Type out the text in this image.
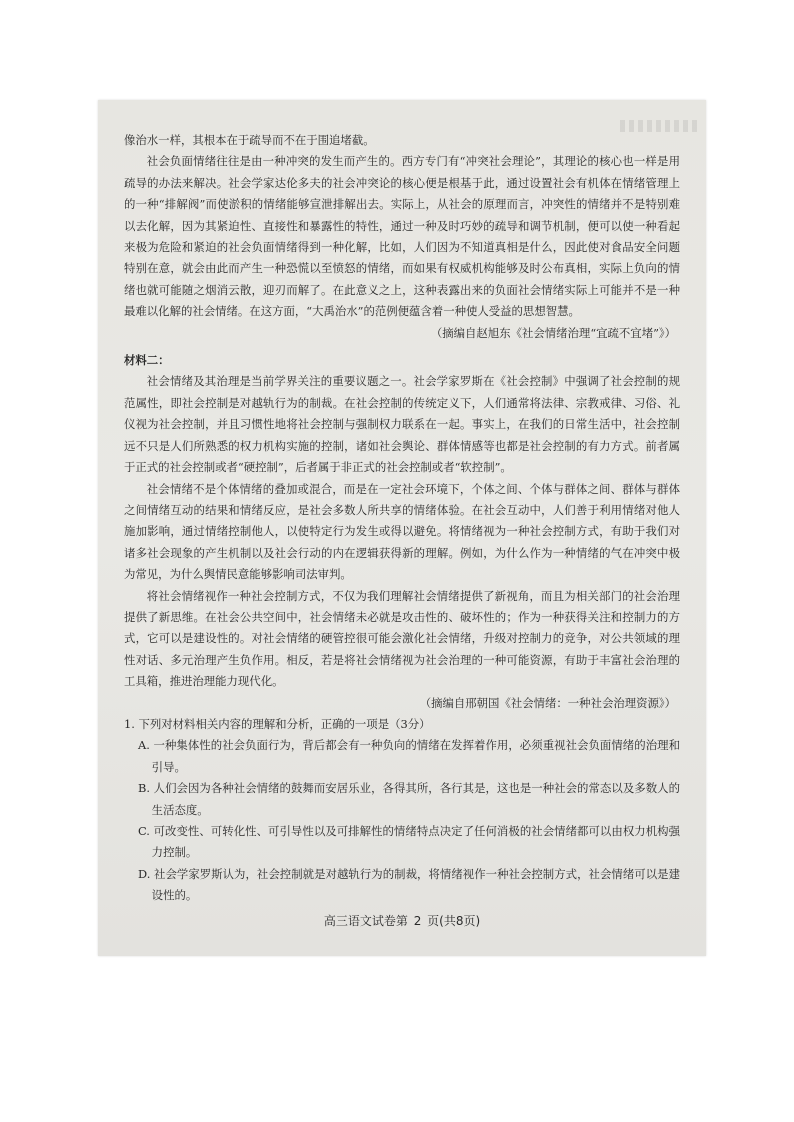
像治水一样，其根本在于疏导而不在于围追堵截。

社会负面情绪往往是由一种冲突的发生而产生的。西方专门有“冲突社会理论”，其理论的核心也一样是用疏导的办法来解决。社会学家达伦多夫的社会冲突论的核心便是根基于此，通过设置社会有机体在情绪管理上的一种“排解阀”而使淤积的情绪能够宣泄排解出去。实际上，从社会的原理而言，冲突性的情绪并不是特别难以去化解，因为其紧迫性、直接性和暴露性的特性，通过一种及时巧妙的疏导和调节机制，便可以使一种看起来极为危险和紧迫的社会负面情绪得到一种化解，比如，人们因为不知道真相是什么，因此使对食品安全问题特别在意，就会由此而产生一种恐慌以至愤怒的情绪，而如果有权威机构能够及时公布真相，实际上负向的情绪也就可能随之烟消云散，迎刃而解了。在此意义之上，这种表露出来的负面社会情绪实际上可能并不是一种最难以化解的社会情绪。在这方面，“大禹治水”的范例便蕴含着一种使人受益的思想智慧。

（摘编自赵旭东《社会情绪治理“宜疏不宜堵”》）

材料二：

社会情绪及其治理是当前学界关注的重要议题之一。社会学家罗斯在《社会控制》中强调了社会控制的规范属性，即社会控制是对越轨行为的制裁。在社会控制的传统定义下，人们通常将法律、宗教戒律、习俗、礼仪视为社会控制，并且习惯性地将社会控制与强制权力联系在一起。事实上，在我们的日常生活中，社会控制远不只是人们所熟悉的权力机构实施的控制，诸如社会舆论、群体情感等也都是社会控制的有力方式。前者属于正式的社会控制或者“硬控制”，后者属于非正式的社会控制或者“软控制”。

社会情绪不是个体情绪的叠加或混合，而是在一定社会环境下，个体之间、个体与群体之间、群体与群体之间情绪互动的结果和情绪反应，是社会多数人所共享的情绪体验。在社会互动中，人们善于利用情绪对他人施加影响，通过情绪控制他人，以使特定行为发生或得以避免。将情绪视为一种社会控制方式，有助于我们对诸多社会现象的产生机制以及社会行动的内在逻辑获得新的理解。例如，为什么作为一种情绪的气在冲突中极为常见，为什么舆情民意能够影响司法审判。

将社会情绪视作一种社会控制方式，不仅为我们理解社会情绪提供了新视角，而且为相关部门的社会治理提供了新思维。在社会公共空间中，社会情绪未必就是攻击性的、破坏性的；作为一种获得关注和控制力的方式，它可以是建设性的。对社会情绪的硬管控很可能会激化社会情绪，升级对控制力的竞争，对公共领域的理性对话、多元治理产生负作用。相反，若是将社会情绪视为社会治理的一种可能资源，有助于丰富社会治理的工具箱，推进治理能力现代化。

（摘编自邢朝国《社会情绪：一种社会治理资源》）

1. 下列对材料相关内容的理解和分析，正确的一项是（3分）

A. 一种集体性的社会负面行为，背后都会有一种负向的情绪在发挥着作用，必须重视社会负面情绪的治理和引导。

B. 人们会因为各种社会情绪的鼓舞而安居乐业，各得其所，各行其是，这也是一种社会的常态以及多数人的生活态度。

C. 可改变性、可转化性、可引导性以及可排解性的情绪特点决定了任何消极的社会情绪都可以由权力机构强力控制。

D. 社会学家罗斯认为，社会控制就是对越轨行为的制裁，将情绪视作一种社会控制方式，社会情绪可以是建设性的。

高三语文试卷第 2 页(共8页)
